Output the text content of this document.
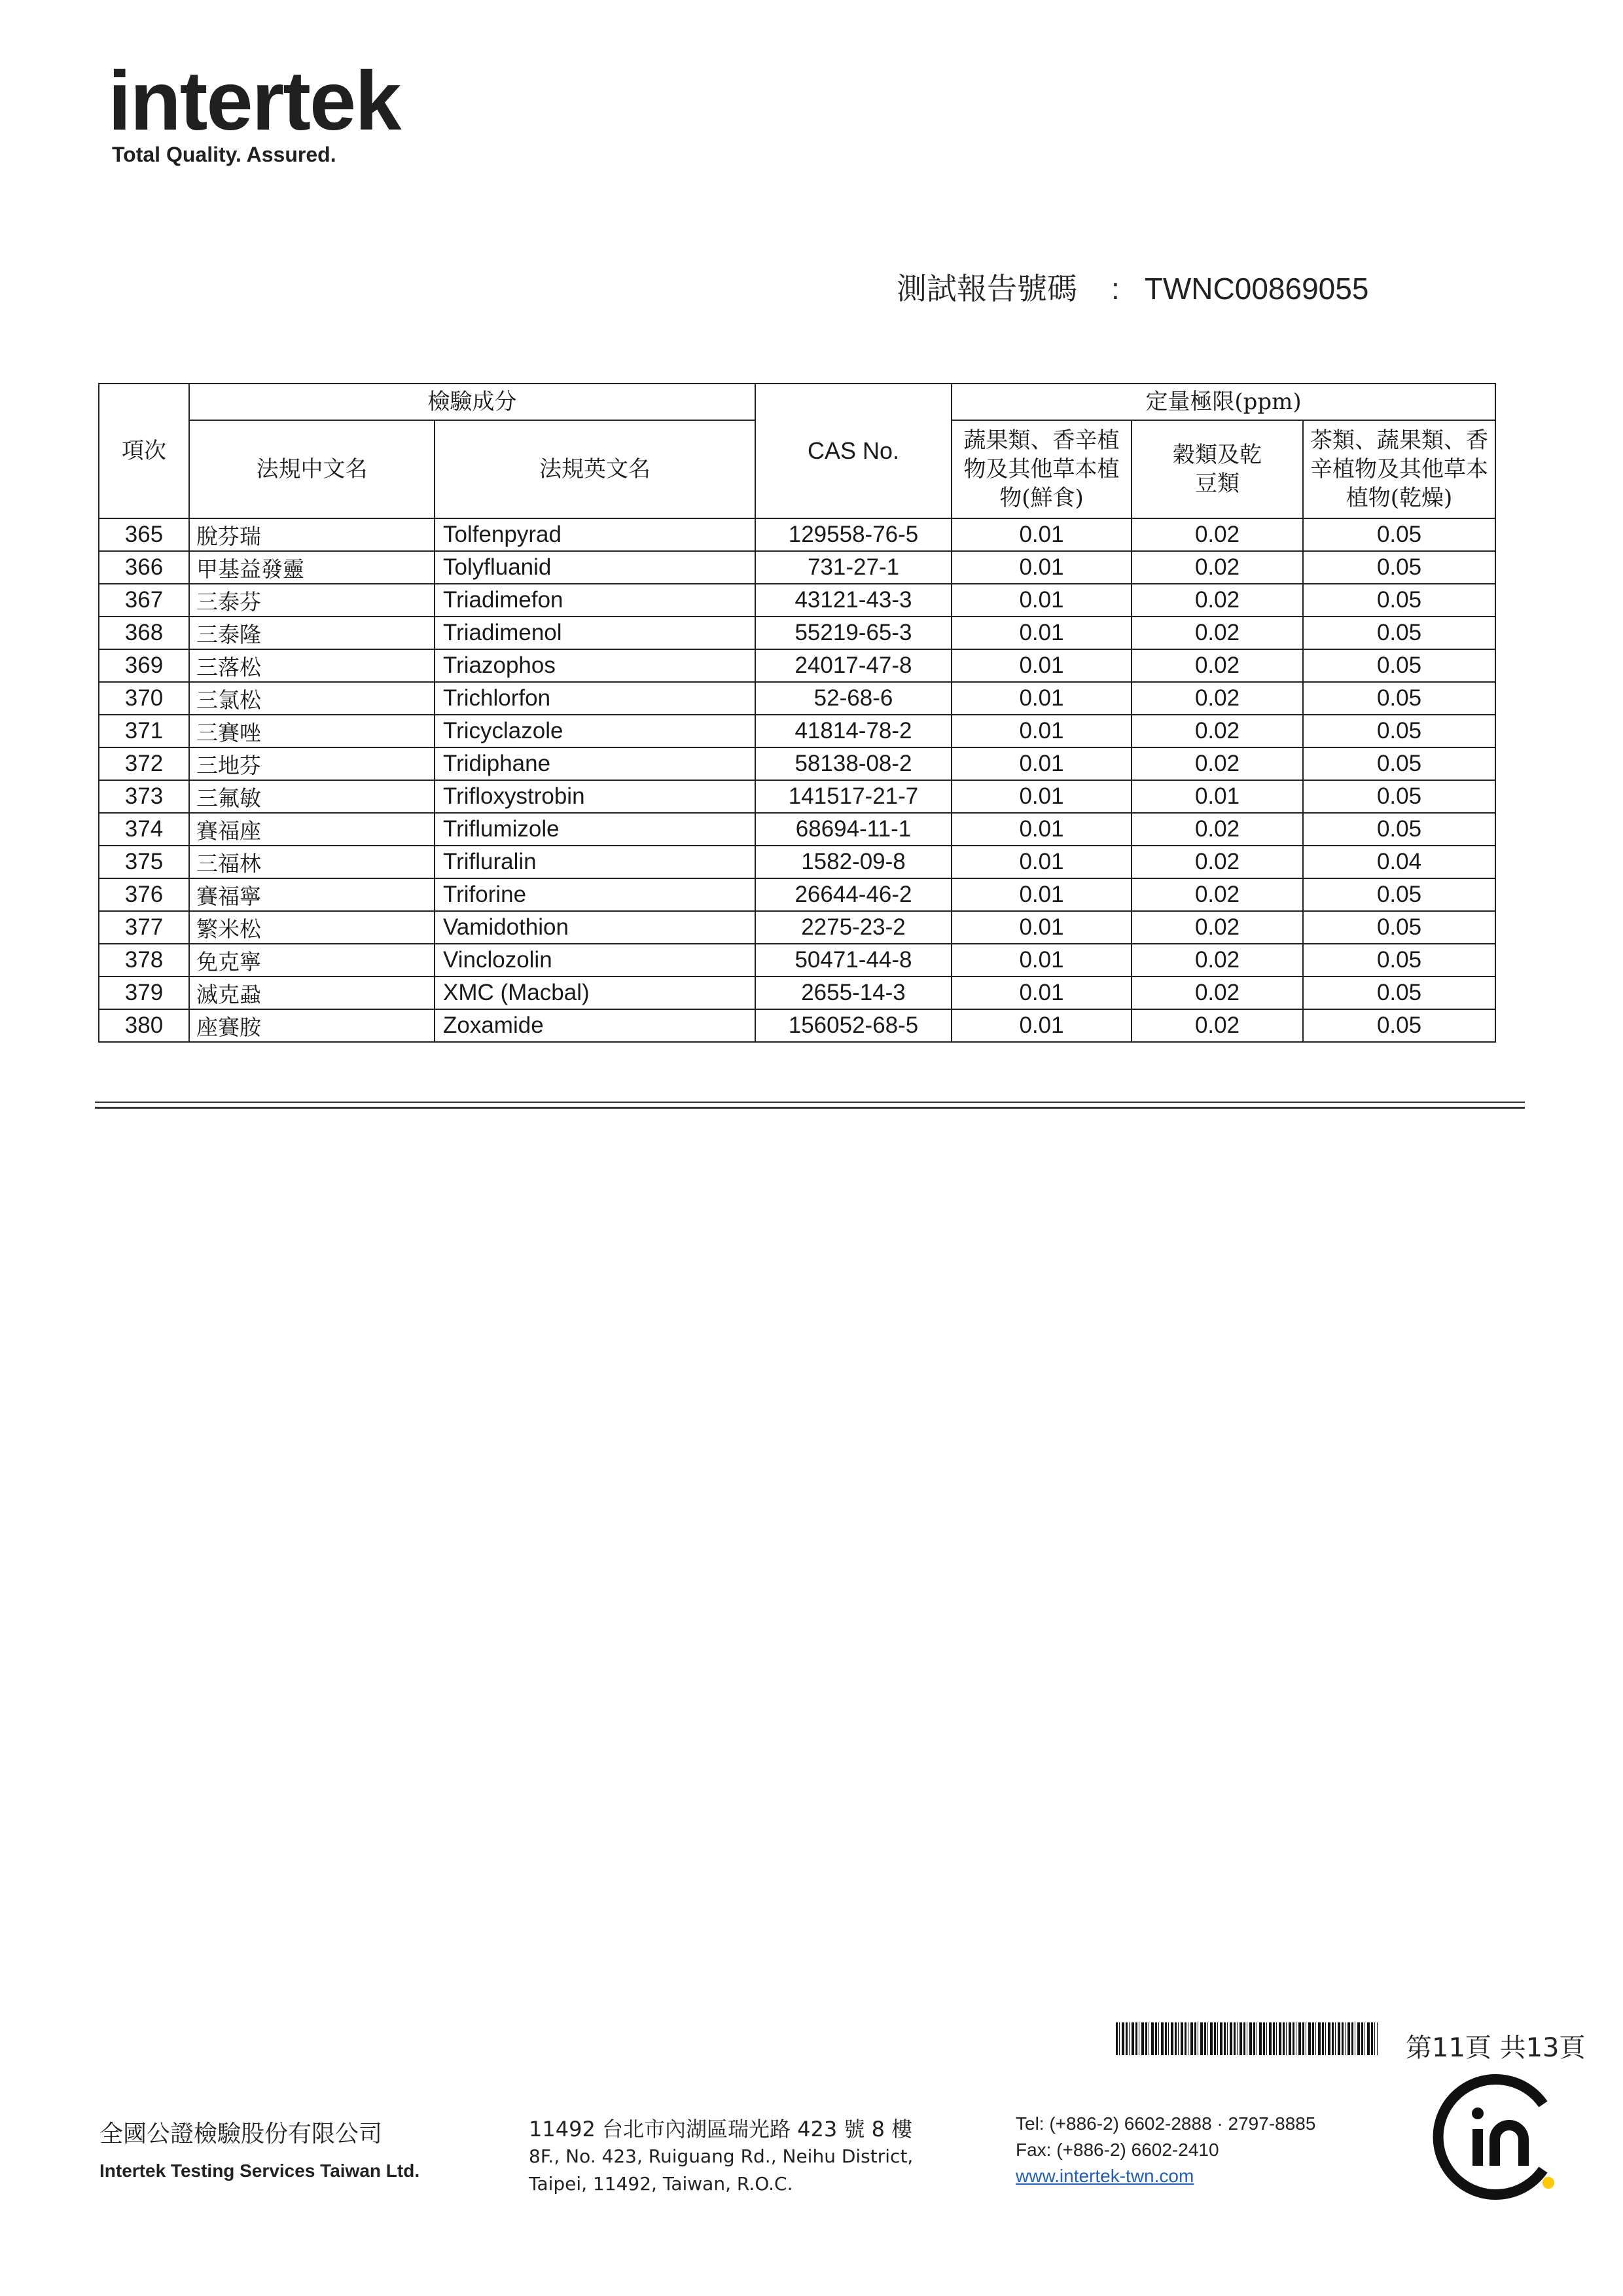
intertek
Total Quality. Assured.
測試報告號碼 : TWNC00869055
項次	檢驗成分		CAS No.	定量極限(ppm)		
	法規中文名	法規英文名		蔬果類、香辛植物及其他草本植物(鮮食)	穀類及乾豆類	茶類、蔬果類、香辛植物及其他草本植物(乾燥)
365	脫芬瑞	Tolfenpyrad	129558-76-5	0.01	0.02	0.05
366	甲基益發靈	Tolyfluanid	731-27-1	0.01	0.02	0.05
367	三泰芬	Triadimefon	43121-43-3	0.01	0.02	0.05
368	三泰隆	Triadimenol	55219-65-3	0.01	0.02	0.05
369	三落松	Triazophos	24017-47-8	0.01	0.02	0.05
370	三氯松	Trichlorfon	52-68-6	0.01	0.02	0.05
371	三賽唑	Tricyclazole	41814-78-2	0.01	0.02	0.05
372	三地芬	Tridiphane	58138-08-2	0.01	0.02	0.05
373	三氟敏	Trifloxystrobin	141517-21-7	0.01	0.01	0.05
374	賽福座	Triflumizole	68694-11-1	0.01	0.02	0.05
375	三福林	Trifluralin	1582-09-8	0.01	0.02	0.04
376	賽福寧	Triforine	26644-46-2	0.01	0.02	0.05
377	繁米松	Vamidothion	2275-23-2	0.01	0.02	0.05
378	免克寧	Vinclozolin	50471-44-8	0.01	0.02	0.05
379	滅克蝨	XMC (Macbal)	2655-14-3	0.01	0.02	0.05
380	座賽胺	Zoxamide	156052-68-5	0.01	0.02	0.05
第11頁 共13頁
全國公證檢驗股份有限公司
Intertek Testing Services Taiwan Ltd.
11492 台北市內湖區瑞光路 423 號 8 樓
8F., No. 423, Ruiguang Rd., Neihu District,
Taipei, 11492, Taiwan, R.O.C.
Tel: (+886-2) 6602-2888 · 2797-8885
Fax: (+886-2) 6602-2410
www.intertek-twn.com
